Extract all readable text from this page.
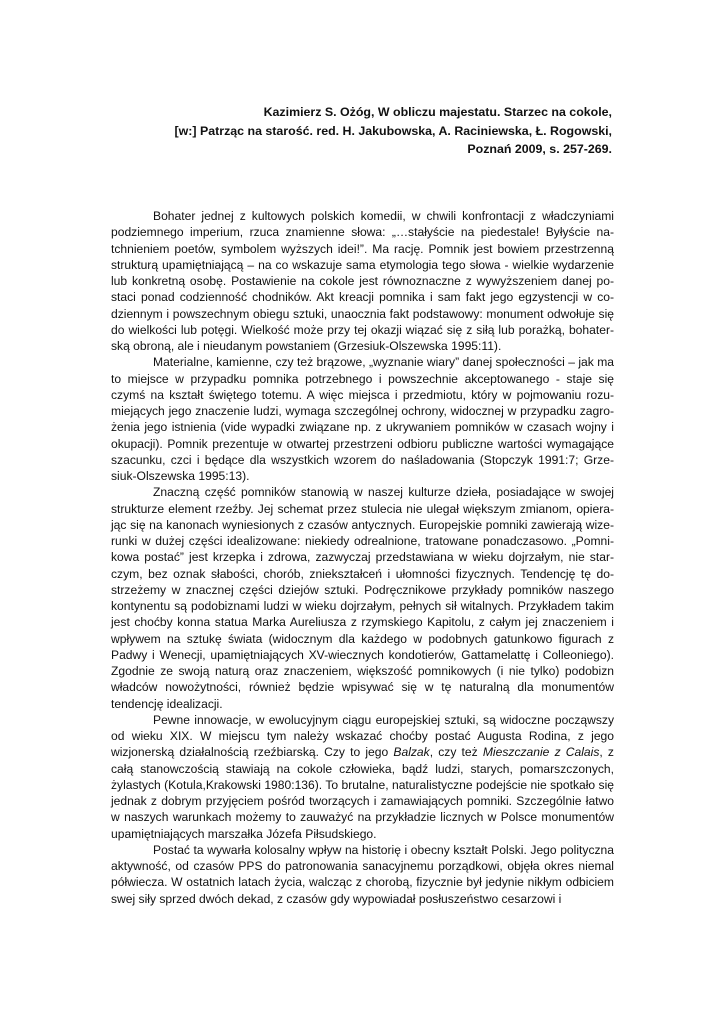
Kazimierz S. Ożóg, W obliczu majestatu. Starzec na cokole,
[w:] Patrząc na starość. red. H. Jakubowska, A. Raciniewska, Ł. Rogowski,
Poznań 2009, s. 257-269.

Bohater jednej z kultowych polskich komedii, w chwili konfrontacji z władczyniami podziemnego imperium, rzuca znamienne słowa: „…stałyście na piedestale! Byłyście natchnieniem poetów, symbolem wyższych idei!”. Ma rację. Pomnik jest bowiem przestrzenną strukturą upamiętniającą – na co wskazuje sama etymologia tego słowa - wielkie wydarzenie lub konkretną osobę. Postawienie na cokole jest równoznaczne z wywyższeniem danej postaci ponad codzienność chodników. Akt kreacji pomnika i sam fakt jego egzystencji w codziennym i powszechnym obiegu sztuki, unaocznia fakt podstawowy: monument odwołuje się do wielkości lub potęgi. Wielkość może przy tej okazji wiązać się z siłą lub porażką, bohaterską obroną, ale i nieudanym powstaniem (Grzesiuk-Olszewska 1995:11).

Materialne, kamienne, czy też brązowe, „wyznanie wiary” danej społeczności – jak ma to miejsce w przypadku pomnika potrzebnego i powszechnie akceptowanego - staje się czymś na kształt świętego totemu. A więc miejsca i przedmiotu, który w pojmowaniu rozumiejących jego znaczenie ludzi, wymaga szczególnej ochrony, widocznej w przypadku zagrożenia jego istnienia (vide wypadki związane np. z ukrywaniem pomników w czasach wojny i okupacji). Pomnik prezentuje w otwartej przestrzeni odbioru publiczne wartości wymagające szacunku, czci i będące dla wszystkich wzorem do naśladowania (Stopczyk 1991:7; Grzesiuk-Olszewska 1995:13).

Znaczną część pomników stanowią w naszej kulturze dzieła, posiadające w swojej strukturze element rzeźby. Jej schemat przez stulecia nie ulegał większym zmianom, opierając się na kanonach wyniesionych z czasów antycznych. Europejskie pomniki zawierają wizerunki w dużej części idealizowane: niekiedy odrealnione, tratowane ponadczasowo. „Pomnikowa postać” jest krzepka i zdrowa, zazwyczaj przedstawiana w wieku dojrzałym, nie starczym, bez oznak słabości, chorób, zniekształceń i ułomności fizycznych. Tendencję tę dostrzeżemy w znacznej części dziejów sztuki. Podręcznikowe przykłady pomników naszego kontynentu są podobiznami ludzi w wieku dojrzałym, pełnych sił witalnych. Przykładem takim jest choćby konna statua Marka Aureliusza z rzymskiego Kapitolu, z całym jej znaczeniem i wpływem na sztukę świata (widocznym dla każdego w podobnych gatunkowo figurach z Padwy i Wenecji, upamiętniających XV-wiecznych kondotierów, Gattamelattę i Colleoniego). Zgodnie ze swoją naturą oraz znaczeniem, większość pomnikowych (i nie tylko) podobizn władców nowożytności, również będzie wpisywać się w tę naturalną dla monumentów tendencję idealizacji.

Pewne innowacje, w ewolucyjnym ciągu europejskiej sztuki, są widoczne począwszy od wieku XIX. W miejscu tym należy wskazać choćby postać Augusta Rodina, z jego wizjonerską działalnością rzeźbiarską. Czy to jego Balzak, czy też Mieszczanie z Calais, z całą stanowczością stawiają na cokole człowieka, bądź ludzi, starych, pomarszczonych, żylastych (Kotula,Krakowski 1980:136). To brutalne, naturalistyczne podejście nie spotkało się jednak z dobrym przyjęciem pośród tworzących i zamawiających pomniki. Szczególnie łatwo w naszych warunkach możemy to zauważyć na przykładzie licznych w Polsce monumentów upamiętniających marszałka Józefa Piłsudskiego.

Postać ta wywarła kolosalny wpływ na historię i obecny kształt Polski. Jego polityczna aktywność, od czasów PPS do patronowania sanacyjnemu porządkowi, objęła okres niemal półwiecza. W ostatnich latach życia, walcząc z chorobą, fizycznie był jedynie nikłym odbiciem swej siły sprzed dwóch dekad, z czasów gdy wypowiadał posłuszeństwo cesarzowi i
